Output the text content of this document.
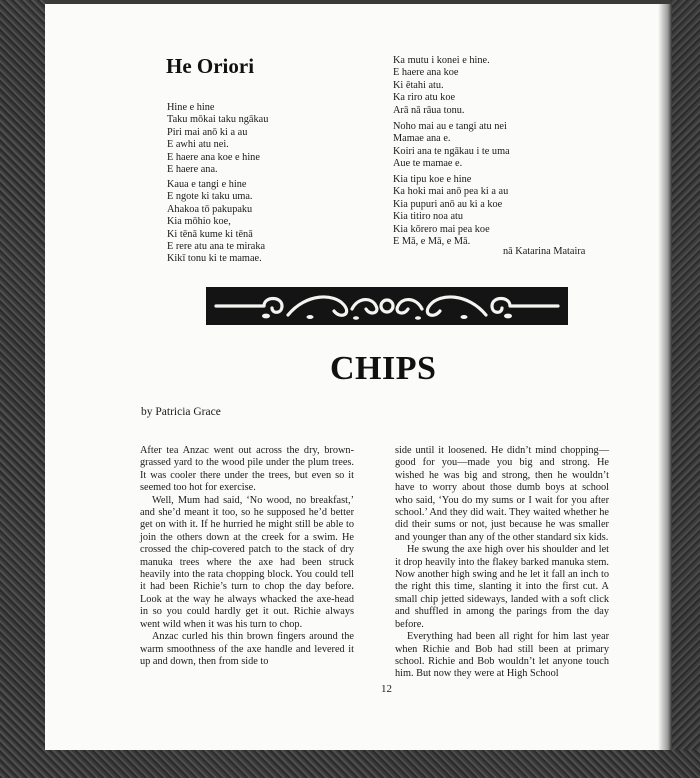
He Oriori
Hine e hine
Taku mōkai taku ngākau
Piri mai anō ki a au
E awhi atu nei.
E haere ana koe e hine
E haere ana.
Kaua e tangi e hine
E ngote ki taku uma.
Ahakoa tō pakupaku
Kia mōhio koe,
Ki tēnā kume ki tēnā
E rere atu ana te miraka
Kikī tonu ki te mamae.
Ka mutu i konei e hine.
E haere ana koe
Ki ētahi atu.
Ka riro atu koe
Arā nā rāua tonu.
Noho mai au e tangi atu nei
Mamae ana e.
Koiri ana te ngākau i te uma
Aue te mamae e.
Kia tipu koe e hine
Ka hoki mai anō pea ki a au
Kia pupuri anō au ki a koe
Kia titiro noa atu
Kia kōrero mai pea koe
E Mā, e Mā, e Mā.
nā Katarina Mataira
CHIPS
by Patricia Grace

After tea Anzac went out across the dry, brown-grassed yard to the wood pile under the plum trees. It was cooler there under the trees, but even so it seemed too hot for exercise.

Well, Mum had said, ‘No wood, no breakfast,’ and she’d meant it too, so he supposed he’d better get on with it. If he hurried he might still be able to join the others down at the creek for a swim. He crossed the chip-covered patch to the stack of dry manuka trees where the axe had been struck heavily into the rata chopping block. You could tell it had been Richie’s turn to chop the day before. Look at the way he always whacked the axe-head in so you could hardly get it out. Richie always went wild when it was his turn to chop.

Anzac curled his thin brown fingers around the warm smoothness of the axe handle and levered it up and down, then from side to

side until it loosened. He didn’t mind chopping—good for you—made you big and strong. He wished he was big and strong, then he wouldn’t have to worry about those dumb boys at school who said, ‘You do my sums or I wait for you after school.’ And they did wait. They waited whether he did their sums or not, just because he was smaller and younger than any of the other standard six kids.

He swung the axe high over his shoulder and let it drop heavily into the flakey barked manuka stem. Now another high swing and he let it fall an inch to the right this time, slanting it into the first cut. A small chip jetted sideways, landed with a soft click and shuffled in among the parings from the day before.

Everything had been all right for him last year when Richie and Bob had still been at primary school. Richie and Bob wouldn’t let anyone touch him. But now they were at High School

12
